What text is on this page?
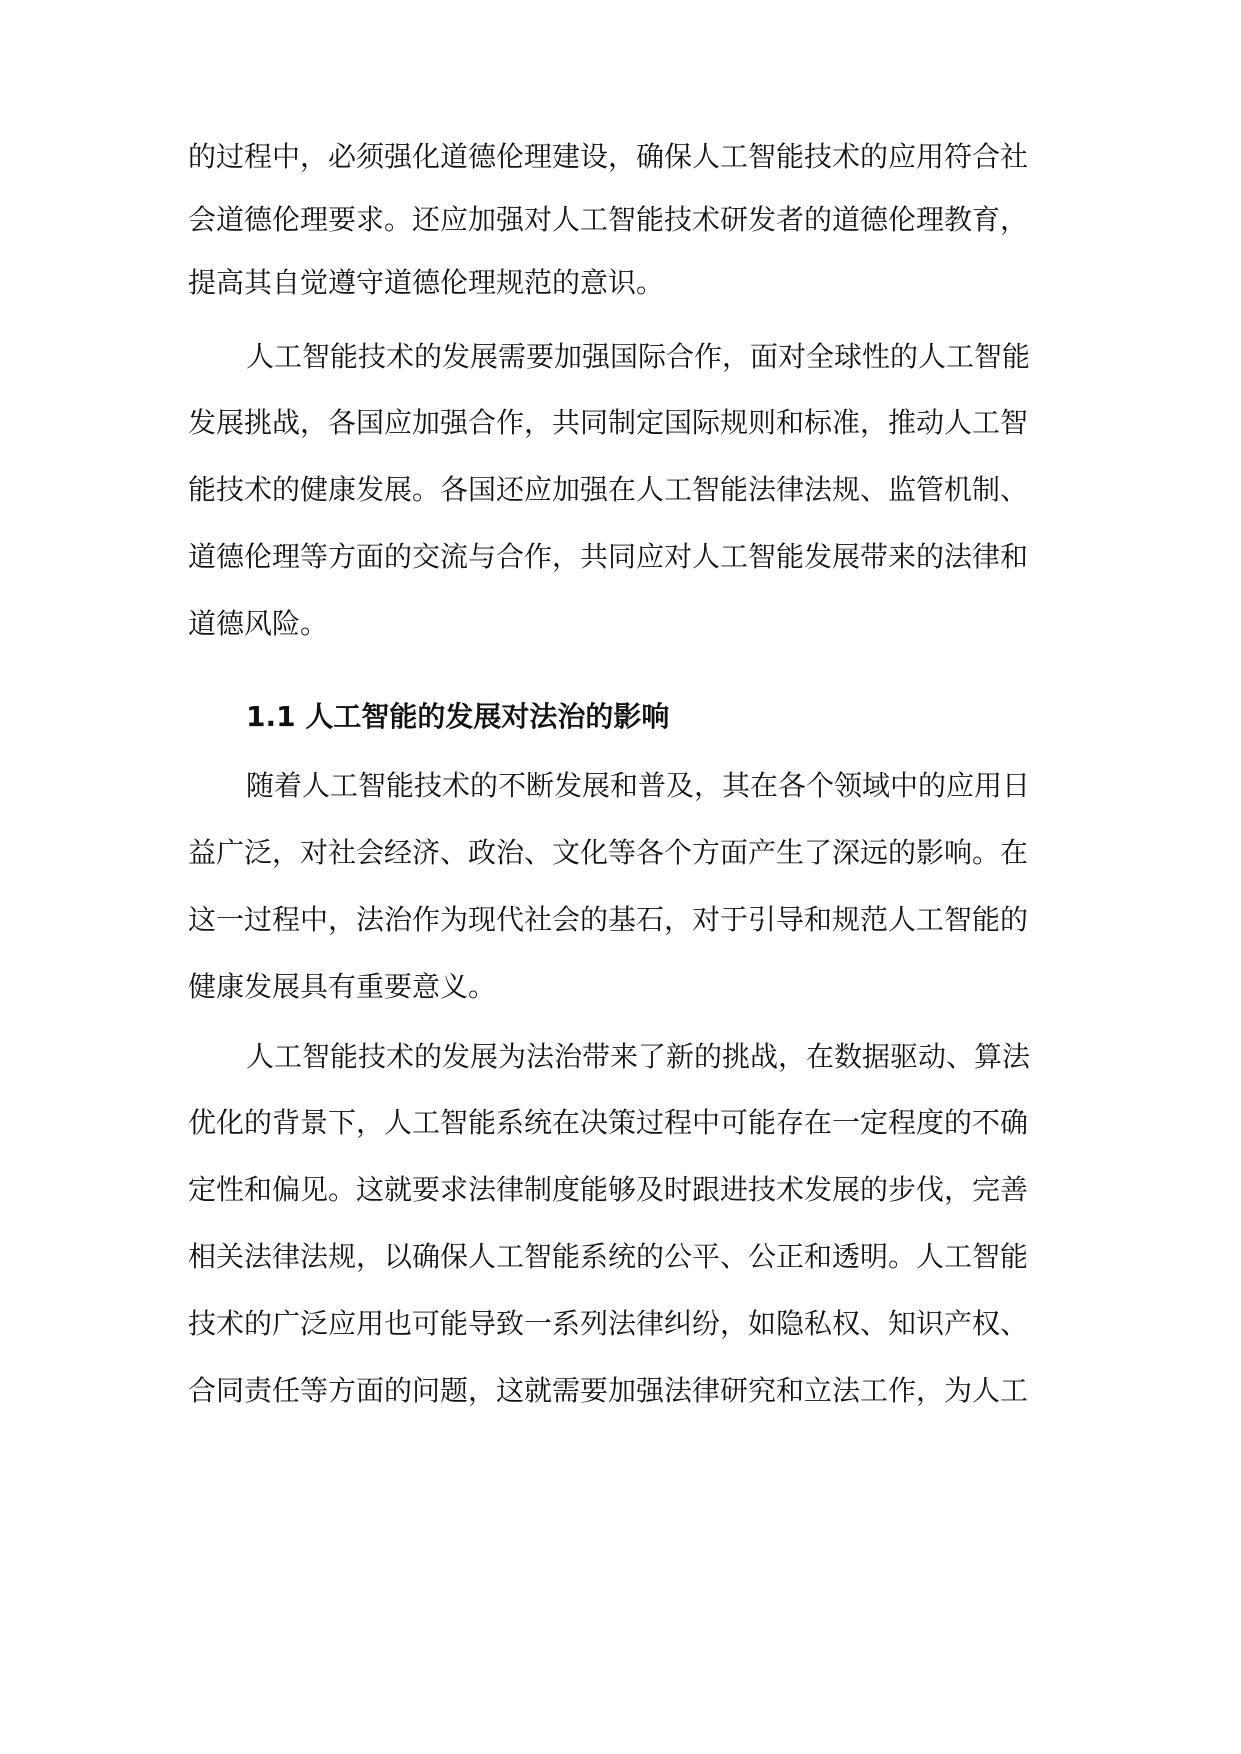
的过程中，必须强化道德伦理建设，确保人工智能技术的应用符合社
会道德伦理要求。还应加强对人工智能技术研发者的道德伦理教育，
提高其自觉遵守道德伦理规范的意识。
人工智能技术的发展需要加强国际合作，面对全球性的人工智能
发展挑战，各国应加强合作，共同制定国际规则和标准，推动人工智
能技术的健康发展。各国还应加强在人工智能法律法规、监管机制、
道德伦理等方面的交流与合作，共同应对人工智能发展带来的法律和
道德风险。
1.1 人工智能的发展对法治的影响
随着人工智能技术的不断发展和普及，其在各个领域中的应用日
益广泛，对社会经济、政治、文化等各个方面产生了深远的影响。在
这一过程中，法治作为现代社会的基石，对于引导和规范人工智能的
健康发展具有重要意义。
人工智能技术的发展为法治带来了新的挑战，在数据驱动、算法
优化的背景下，人工智能系统在决策过程中可能存在一定程度的不确
定性和偏见。这就要求法律制度能够及时跟进技术发展的步伐，完善
相关法律法规，以确保人工智能系统的公平、公正和透明。人工智能
技术的广泛应用也可能导致一系列法律纠纷，如隐私权、知识产权、
合同责任等方面的问题，这就需要加强法律研究和立法工作，为人工
